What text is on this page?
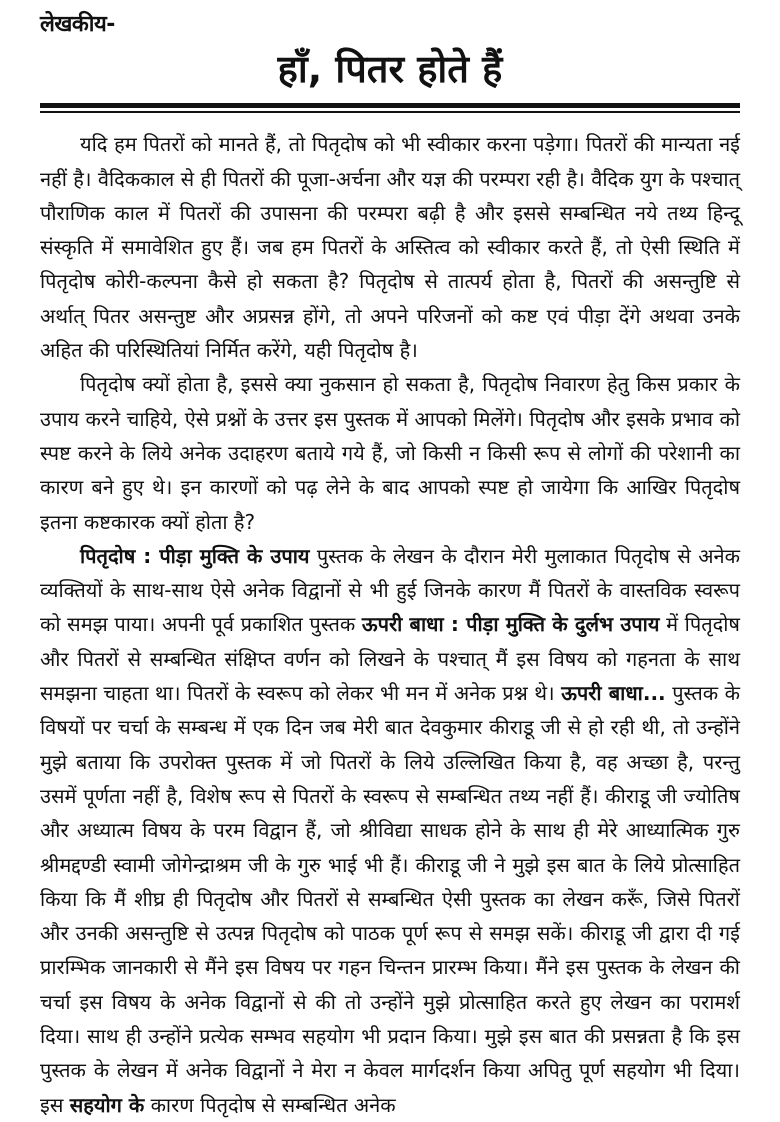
लेखकीय-

हाँ, पितर होते हैं

यदि हम पितरों को मानते हैं, तो पितृदोष को भी स्वीकार करना पड़ेगा। पितरों की मान्यता नई नहीं है। वैदिककाल से ही पितरों की पूजा-अर्चना और यज्ञ की परम्परा रही है। वैदिक युग के पश्चात् पौराणिक काल में पितरों की उपासना की परम्परा बढ़ी है और इससे सम्बन्धित नये तथ्य हिन्दू संस्कृति में समावेशित हुए हैं। जब हम पितरों के अस्तित्व को स्वीकार करते हैं, तो ऐसी स्थिति में पितृदोष कोरी-कल्पना कैसे हो सकता है? पितृदोष से तात्पर्य होता है, पितरों की असन्तुष्टि से अर्थात् पितर असन्तुष्ट और अप्रसन्न होंगे, तो अपने परिजनों को कष्ट एवं पीड़ा देंगे अथवा उनके अहित की परिस्थितियां निर्मित करेंगे, यही पितृदोष है।

पितृदोष क्यों होता है, इससे क्या नुकसान हो सकता है, पितृदोष निवारण हेतु किस प्रकार के उपाय करने चाहिये, ऐसे प्रश्नों के उत्तर इस पुस्तक में आपको मिलेंगे। पितृदोष और इसके प्रभाव को स्पष्ट करने के लिये अनेक उदाहरण बताये गये हैं, जो किसी न किसी रूप से लोगों की परेशानी का कारण बने हुए थे। इन कारणों को पढ़ लेने के बाद आपको स्पष्ट हो जायेगा कि आखिर पितृदोष इतना कष्टकारक क्यों होता है?

पितृदोष : पीड़ा मुक्ति के उपाय पुस्तक के लेखन के दौरान मेरी मुलाकात पितृदोष से अनेक व्यक्तियों के साथ-साथ ऐसे अनेक विद्वानों से भी हुई जिनके कारण मैं पितरों के वास्तविक स्वरूप को समझ पाया। अपनी पूर्व प्रकाशित पुस्तक ऊपरी बाधा : पीड़ा मुक्ति के दुर्लभ उपाय में पितृदोष और पितरों से सम्बन्धित संक्षिप्त वर्णन को लिखने के पश्चात् मैं इस विषय को गहनता के साथ समझना चाहता था। पितरों के स्वरूप को लेकर भी मन में अनेक प्रश्न थे। ऊपरी बाधा... पुस्तक के विषयों पर चर्चा के सम्बन्ध में एक दिन जब मेरी बात देवकुमार कीराडू जी से हो रही थी, तो उन्होंने मुझे बताया कि उपरोक्त पुस्तक में जो पितरों के लिये उल्लिखित किया है, वह अच्छा है, परन्तु उसमें पूर्णता नहीं है, विशेष रूप से पितरों के स्वरूप से सम्बन्धित तथ्य नहीं हैं। कीराडू जी ज्योतिष और अध्यात्म विषय के परम विद्वान हैं, जो श्रीविद्या साधक होने के साथ ही मेरे आध्यात्मिक गुरु श्रीमद्दण्डी स्वामी जोगेन्द्राश्रम जी के गुरु भाई भी हैं। कीराडू जी ने मुझे इस बात के लिये प्रोत्साहित किया कि मैं शीघ्र ही पितृदोष और पितरों से सम्बन्धित ऐसी पुस्तक का लेखन करूँ, जिसे पितरों और उनकी असन्तुष्टि से उत्पन्न पितृदोष को पाठक पूर्ण रूप से समझ सकें। कीराडू जी द्वारा दी गई प्रारम्भिक जानकारी से मैंने इस विषय पर गहन चिन्तन प्रारम्भ किया। मैंने इस पुस्तक के लेखन की चर्चा इस विषय के अनेक विद्वानों से की तो उन्होंने मुझे प्रोत्साहित करते हुए लेखन का परामर्श दिया। साथ ही उन्होंने प्रत्येक सम्भव सहयोग भी प्रदान किया। मुझे इस बात की प्रसन्नता है कि इस पुस्तक के लेखन में अनेक विद्वानों ने मेरा न केवल मार्गदर्शन किया अपितु पूर्ण सहयोग भी दिया। इस सहयोग के कारण पितृदोष से सम्बन्धित अनेक
